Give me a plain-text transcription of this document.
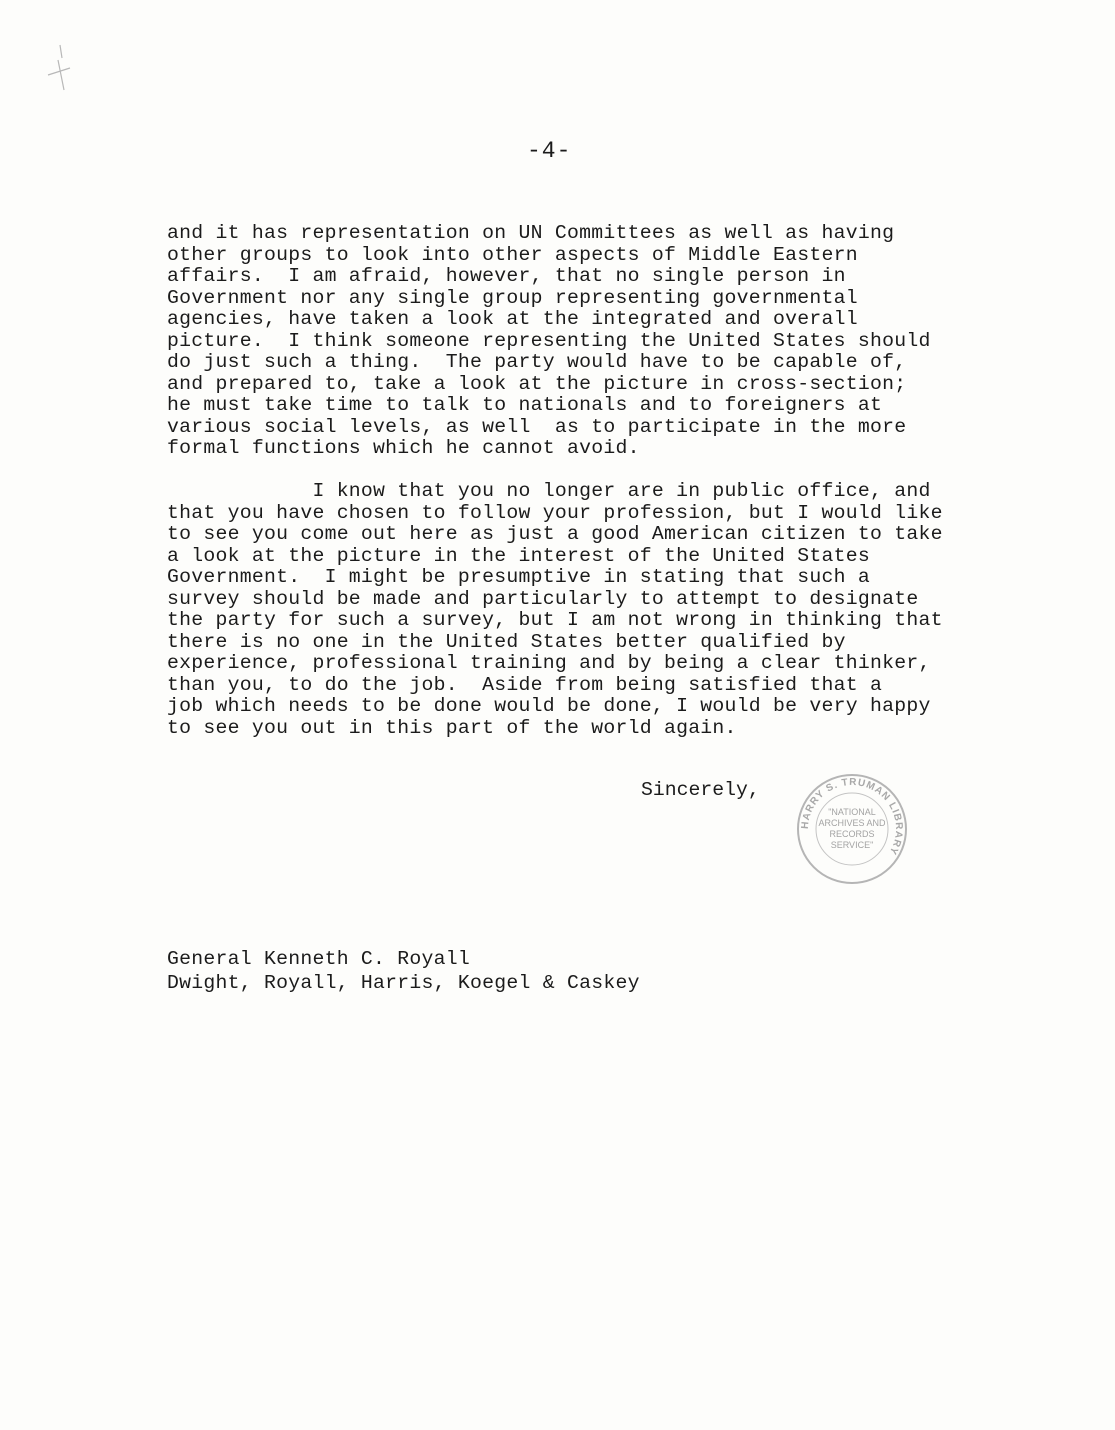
-4-
and it has representation on UN Committees as well as having
other groups to look into other aspects of Middle Eastern
affairs.  I am afraid, however, that no single person in
Government nor any single group representing governmental
agencies, have taken a look at the integrated and overall
picture.  I think someone representing the United States should
do just such a thing.  The party would have to be capable of,
and prepared to, take a look at the picture in cross-section;
he must take time to talk to nationals and to foreigners at
various social levels, as well  as to participate in the more
formal functions which he cannot avoid.
I know that you no longer are in public office, and
that you have chosen to follow your profession, but I would like
to see you come out here as just a good American citizen to take
a look at the picture in the interest of the United States
Government.  I might be presumptive in stating that such a
survey should be made and particularly to attempt to designate
the party for such a survey, but I am not wrong in thinking that
there is no one in the United States better qualified by
experience, professional training and by being a clear thinker,
than you, to do the job.  Aside from being satisfied that a
job which needs to be done would be done, I would be very happy
to see you out in this part of the world again.
Sincerely,
HARRY S. TRUMAN LIBRARY
"NATIONAL
ARCHIVES AND
RECORDS
SERVICE"
General Kenneth C. Royall
Dwight, Royall, Harris, Koegel & Caskey
